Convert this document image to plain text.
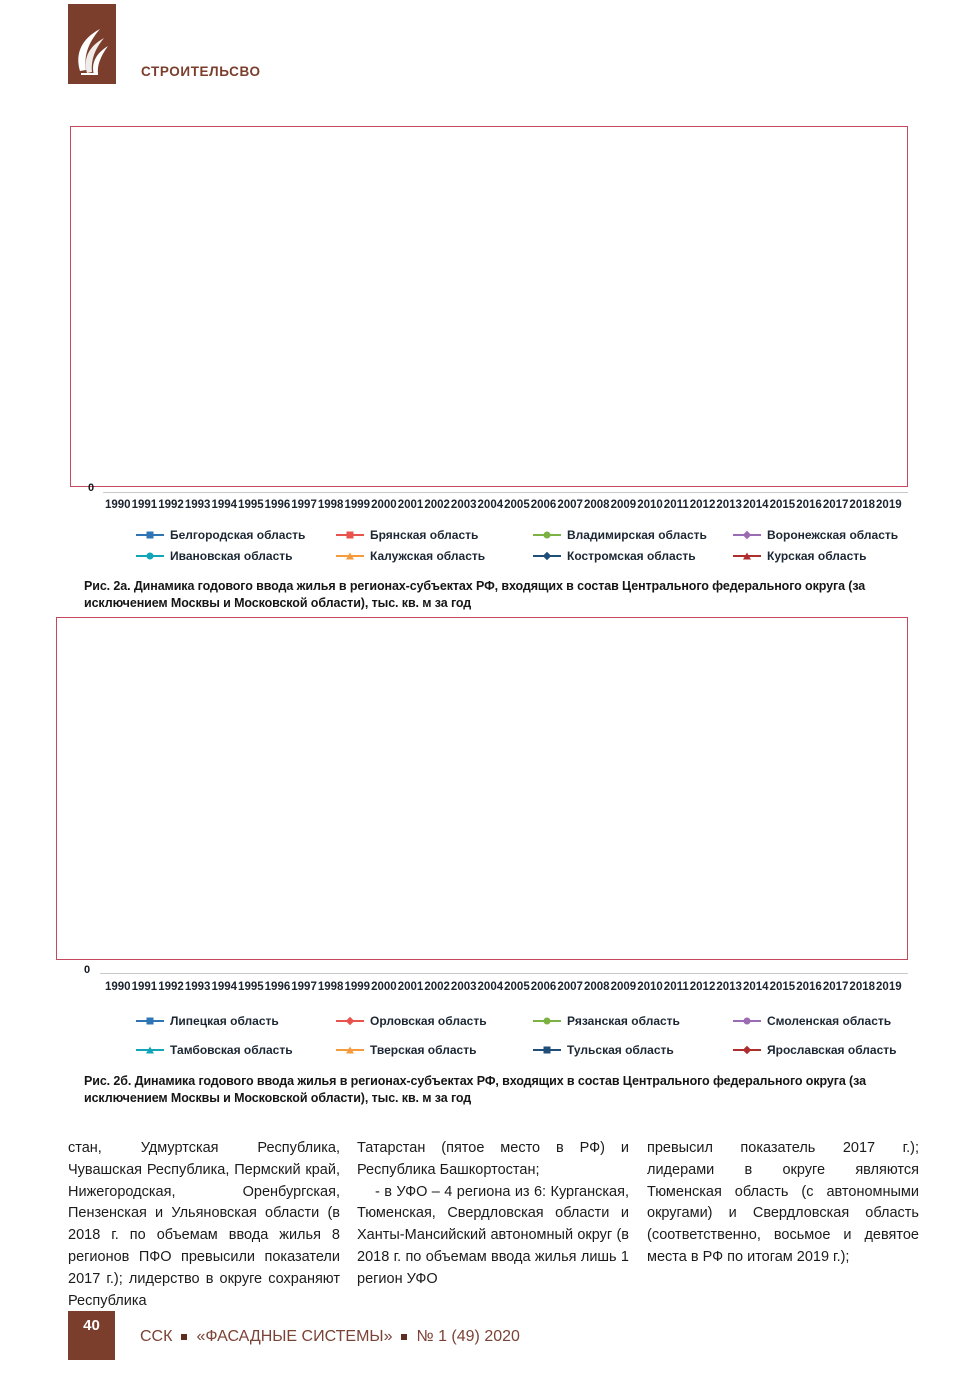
СТРОИТЕЛЬСВО
0
1990 1991 1992 1993 1994 1995 1996 1997 1998 1999 2000 2001 2002 2003 2004 2005 2006 2007 2008 2009 2010 2011 2012 2013 2014 2015 2016 2017 2018 2019
Белгородская область	Брянская область	Владимирская область	Воронежская область
Ивановская область	Калужская область	Костромская область	Курская область
Рис. 2а. Динамика годового ввода жилья в регионах-субъектах РФ, входящих в состав Центрального федерального округа (за исключением Москвы и Московской области), тыс. кв. м за год
0
1990 1991 1992 1993 1994 1995 1996 1997 1998 1999 2000 2001 2002 2003 2004 2005 2006 2007 2008 2009 2010 2011 2012 2013 2014 2015 2016 2017 2018 2019
Липецкая область	Орловская область	Рязанская область	Смоленская область
Тамбовская область	Тверская область	Тульская область	Ярославская область
Рис. 2б. Динамика годового ввода жилья в регионах-субъектах РФ, входящих в состав Центрального федерального округа (за исключением Москвы и Московской области), тыс. кв. м за год

стан, Удмуртская Республика, Чувашская Республика, Пермский край, Нижегородская, Оренбургская, Пензенская и Ульяновская области (в 2018 г. по объемам ввода жилья 8 регионов ПФО превысили показатели 2017 г.); лидерство в округе сохраняют Республика

Татарстан (пятое место в РФ) и Республика Башкортостан;

- в УФО – 4 региона из 6: Курганская, Тюменская, Свердловская области и Ханты-Мансийский автономный округ (в 2018 г. по объемам ввода жилья лишь 1 регион УФО

превысил показатель 2017 г.); лидерами в округе являются Тюменская область (с автономными округами) и Свердловская область (соответственно, восьмое и девятое места в РФ по итогам 2019 г.);

40
ССК «ФАСАДНЫЕ СИСТЕМЫ» № 1 (49) 2020
